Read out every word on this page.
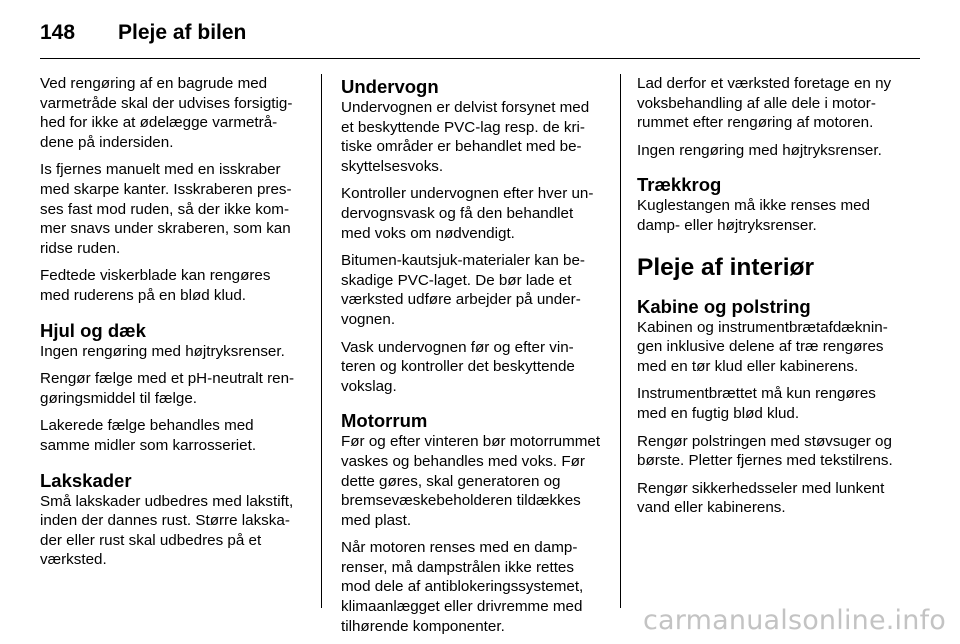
148	Pleje af bilen

Ved rengøring af en bagrude med varmetråde skal der udvises forsigtighed for ikke at ødelægge varmetrådene på indersiden.

Is fjernes manuelt med en isskraber med skarpe kanter. Isskraberen presses fast mod ruden, så der ikke kommer snavs under skraberen, som kan ridse ruden.

Fedtede viskerblade kan rengøres med ruderens på en blød klud.

Hjul og dæk

Ingen rengøring med højtryksrenser.

Rengør fælge med et pH-neutralt rengøringsmiddel til fælge.

Lakerede fælge behandles med samme midler som karrosseriet.

Lakskader

Små lakskader udbedres med lakstift, inden der dannes rust. Større lakskader eller rust skal udbedres på et værksted.

Undervogn

Undervognen er delvist forsynet med et beskyttende PVC-lag resp. de kritiske områder er behandlet med beskyttelsesvoks.

Kontroller undervognen efter hver undervognsvask og få den behandlet med voks om nødvendigt.

Bitumen-kautsjuk-materialer kan beskadige PVC-laget. De bør lade et værksted udføre arbejder på undervognen.

Vask undervognen før og efter vinteren og kontroller det beskyttende vokslag.

Motorrum

Før og efter vinteren bør motorrummet vaskes og behandles med voks. Før dette gøres, skal generatoren og bremsevæskebeholderen tildækkes med plast.

Når motoren renses med en damprenser, må dampstrålen ikke rettes mod dele af antiblokeringssystemet, klimaanlægget eller drivremme med tilhørende komponenter.

Lad derfor et værksted foretage en ny voksbehandling af alle dele i motorrummet efter rengøring af motoren.

Ingen rengøring med højtryksrenser.

Trækkrog

Kuglestangen må ikke renses med damp- eller højtryksrenser.

Pleje af interiør
Kabine og polstring

Kabinen og instrumentbrætafdækningen inklusive delene af træ rengøres med en tør klud eller kabinerens.

Instrumentbrættet må kun rengøres med en fugtig blød klud.

Rengør polstringen med støvsuger og børste. Pletter fjernes med tekstilrens.

Rengør sikkerhedsseler med lunkent vand eller kabinerens.

carmanualsonline.info
